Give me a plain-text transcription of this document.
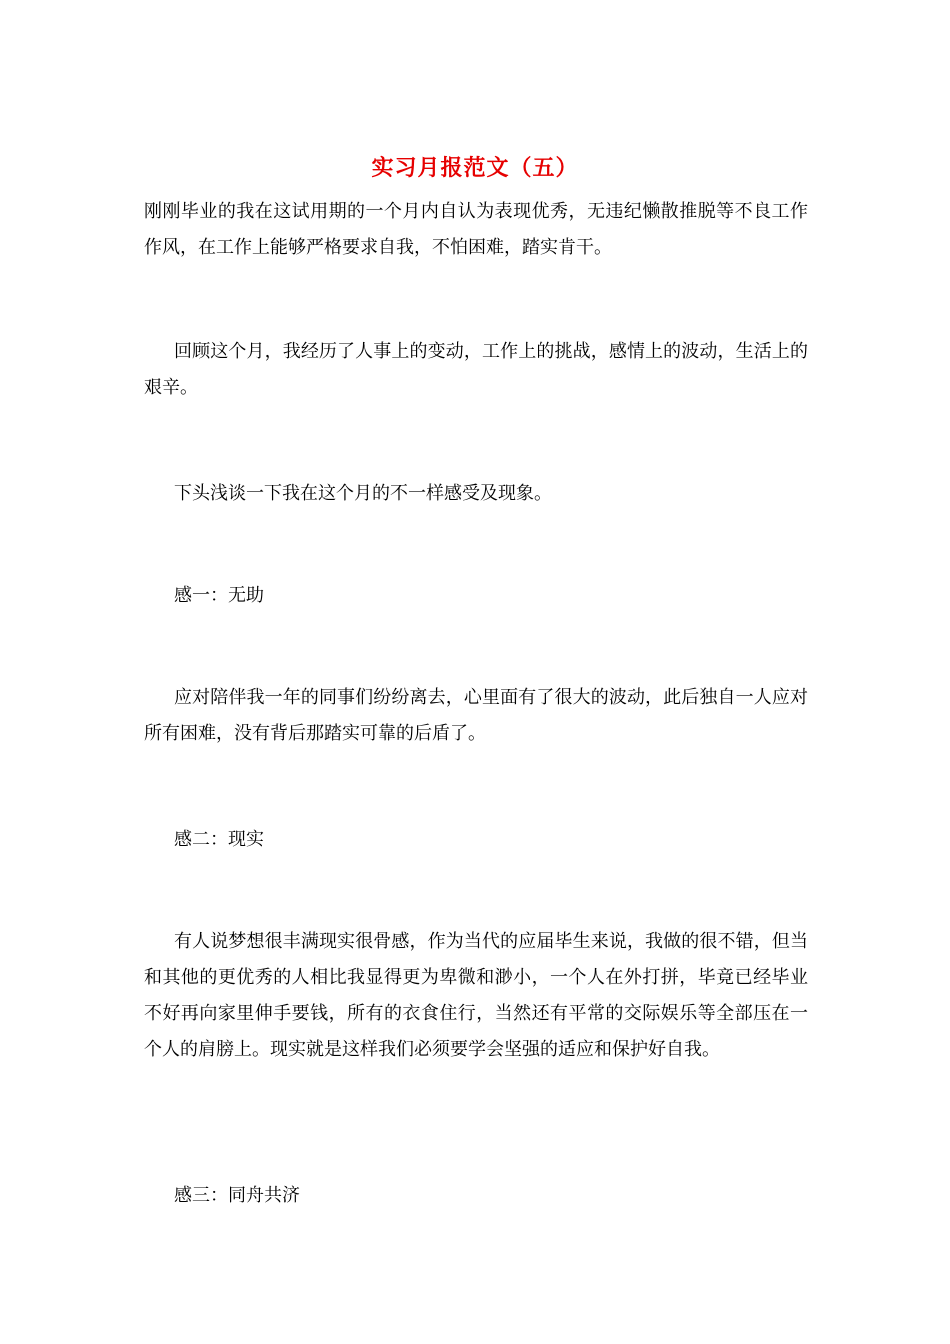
实习月报范文（五）

刚刚毕业的我在这试用期的一个月内自认为表现优秀，无违纪懒散推脱等不良工作作风，在工作上能够严格要求自我，不怕困难，踏实肯干。

回顾这个月，我经历了人事上的变动，工作上的挑战，感情上的波动，生活上的艰辛。

下头浅谈一下我在这个月的不一样感受及现象。

感一：无助

应对陪伴我一年的同事们纷纷离去，心里面有了很大的波动，此后独自一人应对所有困难，没有背后那踏实可靠的后盾了。

感二：现实

有人说梦想很丰满现实很骨感，作为当代的应届毕生来说，我做的很不错，但当和其他的更优秀的人相比我显得更为卑微和渺小，一个人在外打拼，毕竟已经毕业不好再向家里伸手要钱，所有的衣食住行，当然还有平常的交际娱乐等全部压在一个人的肩膀上。现实就是这样我们必须要学会坚强的适应和保护好自我。

感三：同舟共济
